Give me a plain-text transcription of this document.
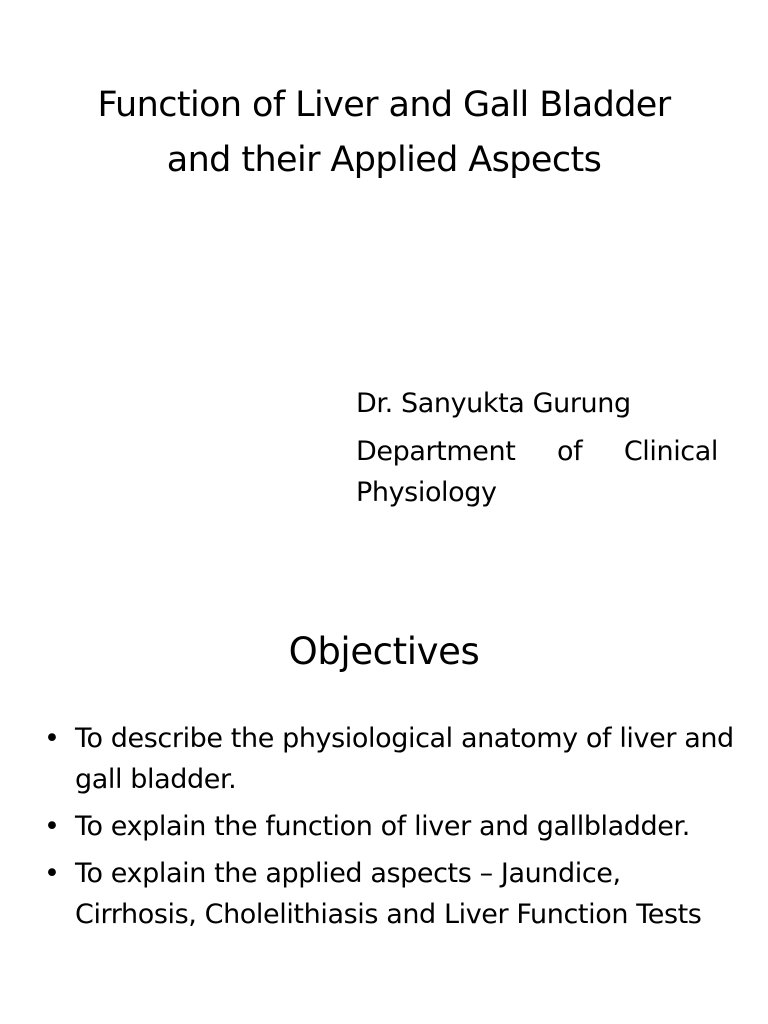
Function of Liver and Gall Bladder
and their Applied Aspects
Dr. Sanyukta Gurung
Department of Clinical Physiology
Objectives
• To describe the physiological anatomy of liver and gall bladder.
• To explain the function of liver and gallbladder.
• To explain the applied aspects – Jaundice, Cirrhosis, Cholelithiasis and Liver Function Tests
